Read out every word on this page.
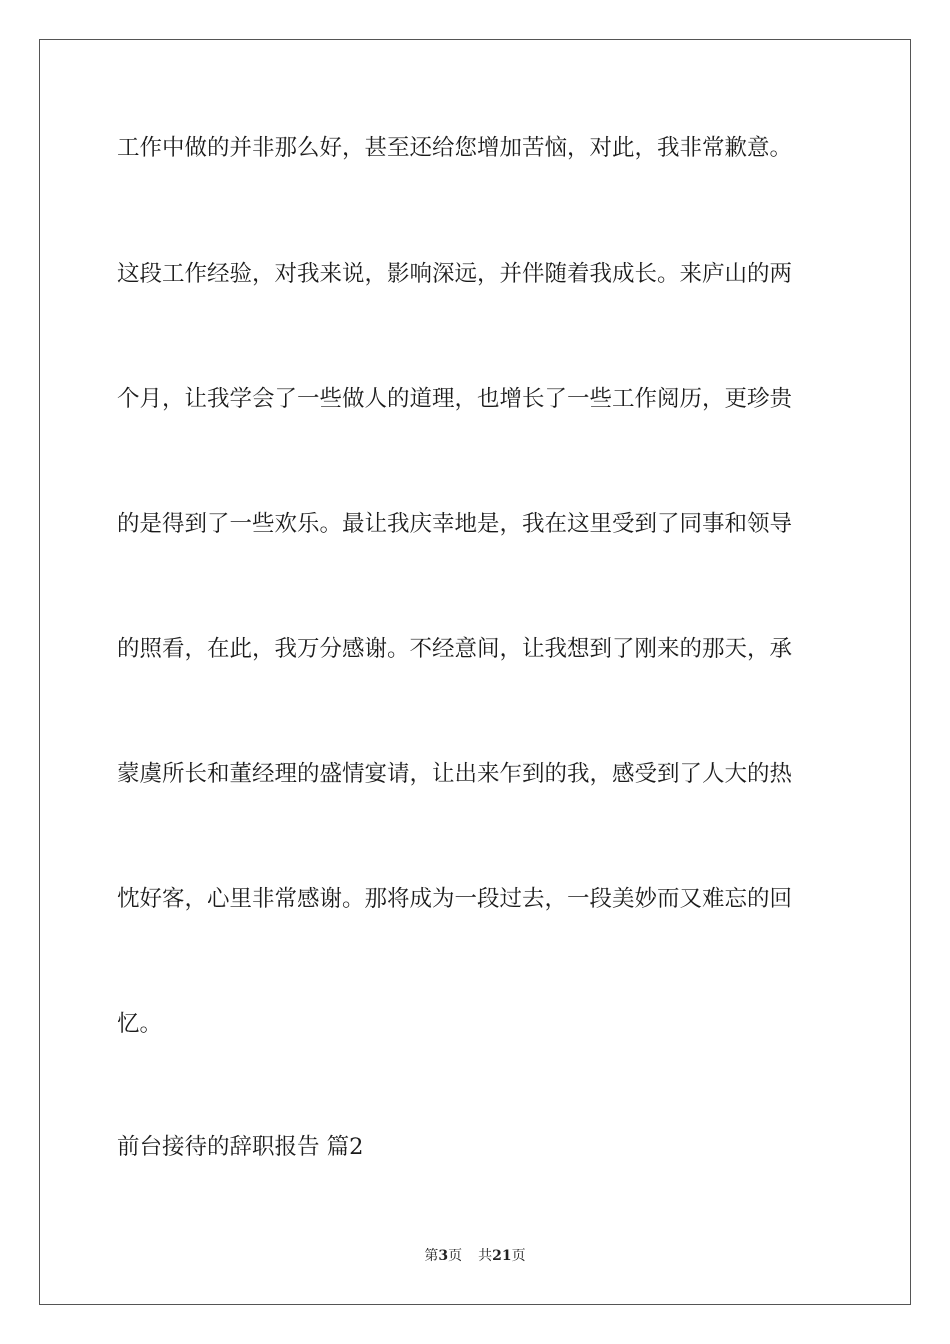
工作中做的并非那么好，甚至还给您增加苦恼，对此，我非常歉意。
这段工作经验，对我来说，影响深远，并伴随着我成长。来庐山的两
个月，让我学会了一些做人的道理，也增长了一些工作阅历，更珍贵
的是得到了一些欢乐。最让我庆幸地是，我在这里受到了同事和领导
的照看，在此，我万分感谢。不经意间，让我想到了刚来的那天，承
蒙虞所长和董经理的盛情宴请，让出来乍到的我，感受到了人大的热
忱好客，心里非常感谢。那将成为一段过去，一段美妙而又难忘的回
忆。
前台接待的辞职报告 篇2
第3页 共21页
